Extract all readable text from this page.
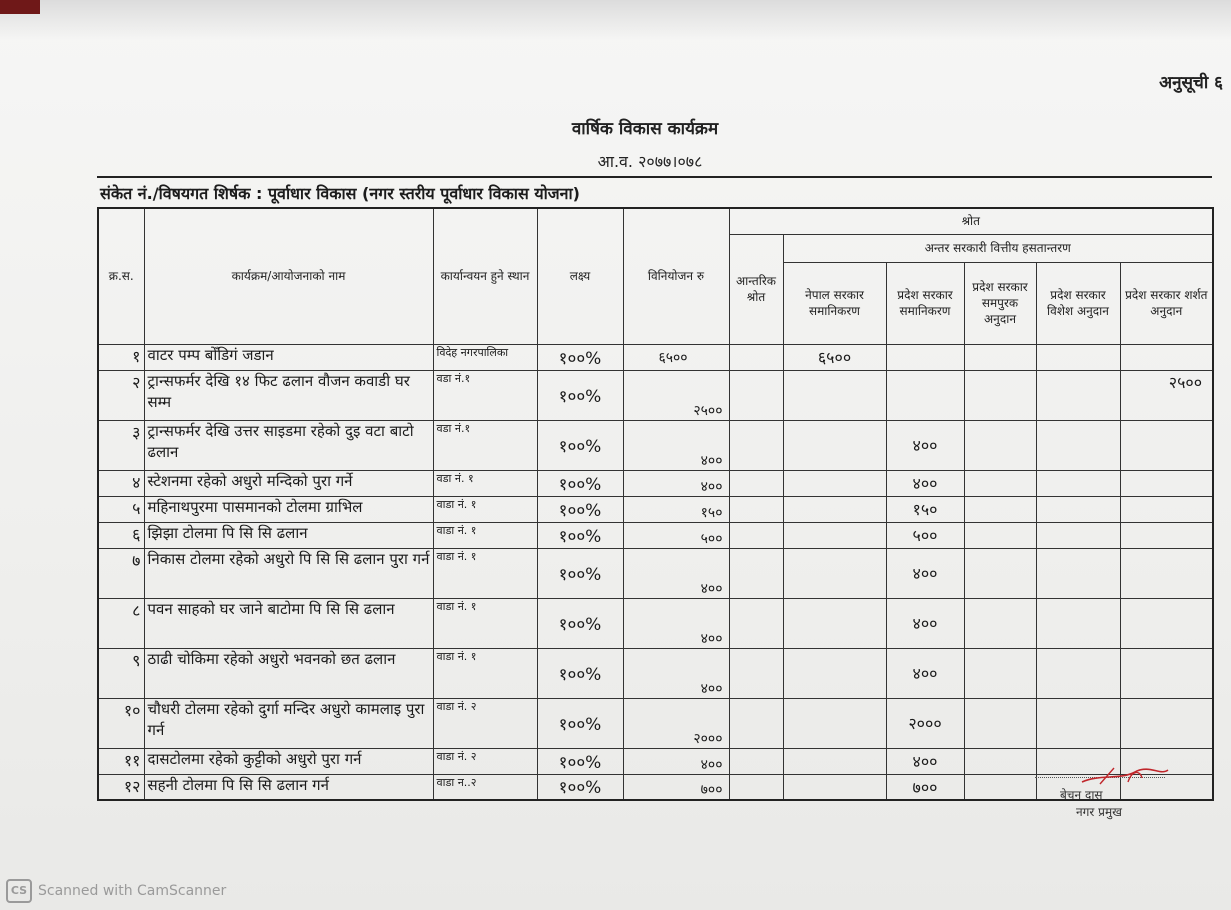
अनुसूची ६
वार्षिक विकास कार्यक्रम
आ.व. २०७७।०७८
संकेत नं./विषयगत शिर्षक : पूर्वाधार विकास (नगर स्तरीय पूर्वाधार विकास योजना)
क्र.स.	कार्यक्रम/आयोजनाको नाम	कार्यान्वयन हुने स्थान	लक्ष्य	विनियोजन रु	श्रोत					
					आन्तरिक श्रोत	अन्तर सरकारी वित्तीय हसतान्तरण				
						नेपाल सरकार समानिकरण	प्रदेश सरकार समानिकरण	प्रदेश सरकार समपुरक अनुदान	प्रदेश सरकार विशेश अनुदान	प्रदेश सरकार शर्शत अनुदान
१	वाटर पम्प बोँडिगं जडान	विदेह नगरपालिका	१००%	६५००		६५००				
२	ट्रान्सफर्मर देखि १४ फिट ढलान वौजन कवाडी घर सम्म	वडा नं.१	१००%	२५००						२५००
३	ट्रान्सफर्मर देखि उत्तर साइडमा रहेको दुइ वटा बाटो ढलान	वडा नं.१	१००%	४००			४००			
४	स्टेशनमा रहेको अधुरो मन्दिको पुरा गर्ने	वडा नं. १	१००%	४००			४००			
५	महिनाथपुरमा पासमानको टोलमा ग्राभिल	वाडा नं. १	१००%	१५०			१५०			
६	झिझा टोलमा पि सि सि ढलान	वाडा नं. १	१००%	५००			५००			
७	निकास टोलमा रहेको अधुरो पि सि सि ढलान पुरा गर्न	वाडा नं. १	१००%	४००			४००			
८	पवन साहको घर जाने बाटोमा पि सि सि ढलान	वाडा नं. १	१००%	४००			४००			
९	ठाढी चोकिमा रहेको अधुरो भवनको छत ढलान	वाडा नं. १	१००%	४००			४००			
१०	चौधरी टोलमा रहेको दुर्गा मन्दिर अधुरो कामलाइ पुरा गर्न	वाडा नं. २	१००%	२०००			२०००			
११	दासटोलमा रहेको कुट्टीको अधुरो पुरा गर्न	वाडा नं. २	१००%	४००			४००			
१२	सहनी टोलमा पि सि सि ढलान गर्न	वाडा न..२	१००%	७००			७००				बेचन दास
नगर प्रमुख
CS Scanned with CamScanner
